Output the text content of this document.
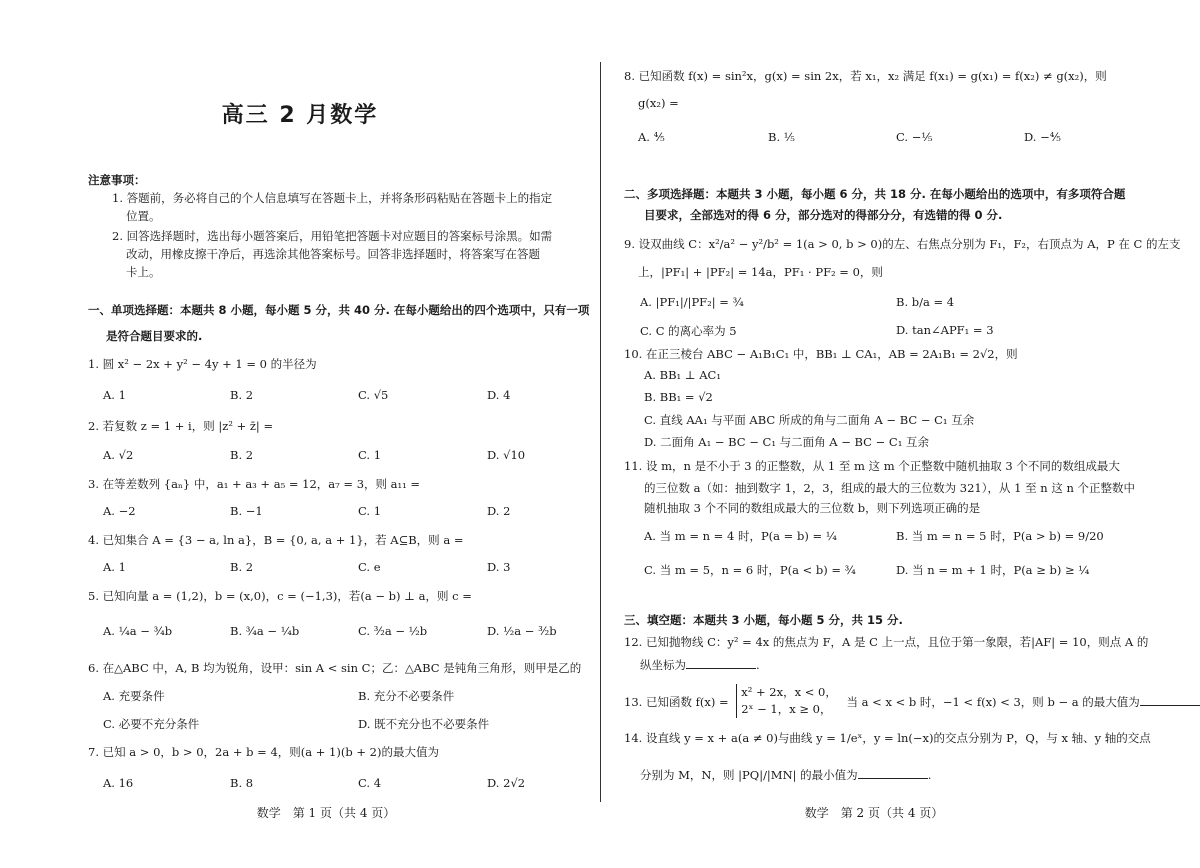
高三 2 月数学
注意事项：
1. 答题前，务必将自己的个人信息填写在答题卡上，并将条形码粘贴在答题卡上的指定
位置。
2. 回答选择题时，选出每小题答案后，用铅笔把答题卡对应题目的答案标号涂黑。如需
改动，用橡皮擦干净后，再选涂其他答案标号。回答非选择题时，将答案写在答题
卡上。
一、单项选择题：本题共 8 小题，每小题 5 分，共 40 分. 在每小题给出的四个选项中，只有一项
是符合题目要求的.
1. 圆 x² − 2x + y² − 4y + 1 = 0 的半径为
A. 1	B. 2	C. √5	D. 4
2. 若复数 z = 1 + i，则 |z² + z̄| =
A. √2	B. 2	C. 1	D. √10
3. 在等差数列 {aₙ} 中，a₁ + a₃ + a₅ = 12，a₇ = 3，则 a₁₁ =
A. −2	B. −1	C. 1	D. 2
4. 已知集合 A = {3 − a, ln a}，B = {0, a, a + 1}，若 A⊆B，则 a =
A. 1	B. 2	C. e	D. 3
5. 已知向量 a = (1,2)，b = (x,0)，c = (−1,3)，若(a − b) ⊥ a，则 c =
A. ¼a − ¾b	B. ¾a − ¼b	C. ³⁄₂a − ½b	D. ½a − ³⁄₂b
6. 在△ABC 中，A, B 均为锐角，设甲：sin A < sin C；乙：△ABC 是钝角三角形，则甲是乙的
A. 充要条件	B. 充分不必要条件
C. 必要不充分条件	D. 既不充分也不必要条件
7. 已知 a > 0，b > 0，2a + b = 4，则(a + 1)(b + 2)的最大值为
A. 16	B. 8	C. 4	D. 2√2
数学　第 1 页（共 4 页）
8. 已知函数 f(x) = sin²x，g(x) = sin 2x，若 x₁，x₂ 满足 f(x₁) = g(x₁) = f(x₂) ≠ g(x₂)，则
g(x₂) =
A. ⁴⁄₅	B. ⅕	C. −⅕	D. −⁴⁄₅
二、多项选择题：本题共 3 小题，每小题 6 分，共 18 分. 在每小题给出的选项中，有多项符合题
目要求，全部选对的得 6 分，部分选对的得部分分，有选错的得 0 分.
9. 设双曲线 C：x²/a² − y²/b² = 1(a > 0, b > 0)的左、右焦点分别为 F₁，F₂，右顶点为 A，P 在 C 的左支
上，|PF₁| + |PF₂| = 14a，PF₁ · PF₂ = 0，则
A. |PF₁|/|PF₂| = ¾	B. b/a = 4
C. C 的离心率为 5	D. tan∠APF₁ = 3
10. 在正三棱台 ABC − A₁B₁C₁ 中，BB₁ ⊥ CA₁，AB = 2A₁B₁ = 2√2，则
A. BB₁ ⊥ AC₁
B. BB₁ = √2
C. 直线 AA₁ 与平面 ABC 所成的角与二面角 A − BC − C₁ 互余
D. 二面角 A₁ − BC − C₁ 与二面角 A − BC − C₁ 互余
11. 设 m，n 是不小于 3 的正整数，从 1 至 m 这 m 个正整数中随机抽取 3 个不同的数组成最大
的三位数 a（如：抽到数字 1，2，3，组成的最大的三位数为 321），从 1 至 n 这 n 个正整数中
随机抽取 3 个不同的数组成最大的三位数 b，则下列选项正确的是
A. 当 m = n = 4 时，P(a = b) = ¼	B. 当 m = n = 5 时，P(a > b) = 9/20
C. 当 m = 5，n = 6 时，P(a < b) = ¾	D. 当 n = m + 1 时，P(a ≥ b) ≥ ¼
三、填空题：本题共 3 小题，每小题 5 分，共 15 分.
12. 已知抛物线 C：y² = 4x 的焦点为 F，A 是 C 上一点，且位于第一象限，若|AF| = 10，则点 A 的
纵坐标为	.
13. 已知函数 f(x) =
x² + 2x，x < 0，
2ˣ − 1，x ≥ 0，	当 a < x < b 时，−1 < f(x) < 3，则 b − a 的最大值为
14. 设直线 y = x + a(a ≠ 0)与曲线 y = 1/eˣ，y = ln(−x)的交点分别为 P，Q，与 x 轴、y 轴的交点
分别为 M，N，则 |PQ|/|MN| 的最小值为	.
数学　第 2 页（共 4 页）
